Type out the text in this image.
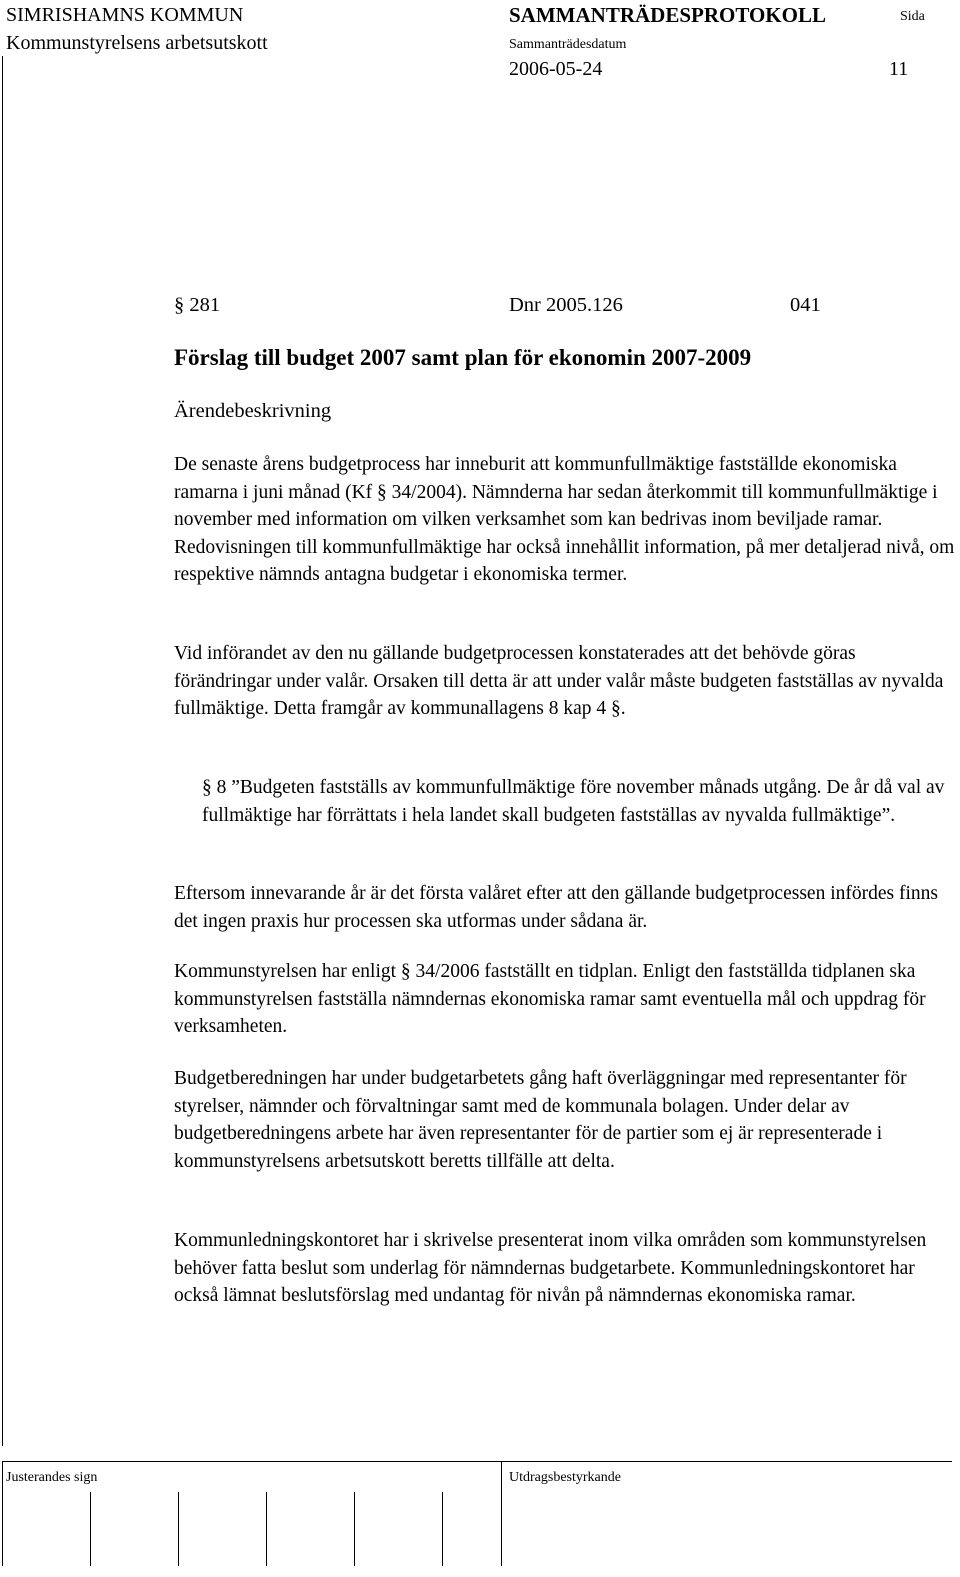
SIMRISHAMNS KOMMUN
Kommunstyrelsens arbetsutskott
SAMMANTRÄDESPROTOKOLL	Sida
Sammanträdesdatum
2006-05-24	11
§ 281	Dnr 2005.126	041
Förslag till budget 2007 samt plan för ekonomin 2007-2009
Ärendebeskrivning

De senaste årens budgetprocess har inneburit att kommunfullmäktige fastställde ekonomiska ramarna i juni månad (Kf § 34/2004). Nämnderna har sedan återkommit till kommunfullmäktige i november med information om vilken verksamhet som kan bedrivas inom beviljade ramar. Redovisningen till kommunfullmäktige har också innehållit information, på mer detaljerad nivå, om respektive nämnds antagna budgetar i ekonomiska termer.

Vid införandet av den nu gällande budgetprocessen konstaterades att det behövde göras förändringar under valår. Orsaken till detta är att under valår måste budgeten fastställas av nyvalda fullmäktige. Detta framgår av kommunallagens 8 kap 4 §.

§ 8 ”Budgeten fastställs av kommunfullmäktige före november månads utgång. De år då val av fullmäktige har förrättats i hela landet skall budgeten fastställas av nyvalda fullmäktige”.

Eftersom innevarande år är det första valåret efter att den gällande budgetprocessen infördes finns det ingen praxis hur processen ska utformas under sådana är.

Kommunstyrelsen har enligt § 34/2006 fastställt en tidplan. Enligt den fastställda tidplanen ska kommunstyrelsen fastställa nämndernas ekonomiska ramar samt eventuella mål och uppdrag för verksamheten.

Budgetberedningen har under budgetarbetets gång haft överläggningar med representanter för styrelser, nämnder och förvaltningar samt med de kommunala bolagen. Under delar av budgetberedningens arbete har även representanter för de partier som ej är representerade i kommunstyrelsens arbetsutskott beretts tillfälle att delta.

Kommunledningskontoret har i skrivelse presenterat inom vilka områden som kommunstyrelsen behöver fatta beslut som underlag för nämndernas budgetarbete. Kommunledningskontoret har också lämnat beslutsförslag med undantag för nivån på nämndernas ekonomiska ramar.

Justerandes sign	Utdragsbestyrkande
